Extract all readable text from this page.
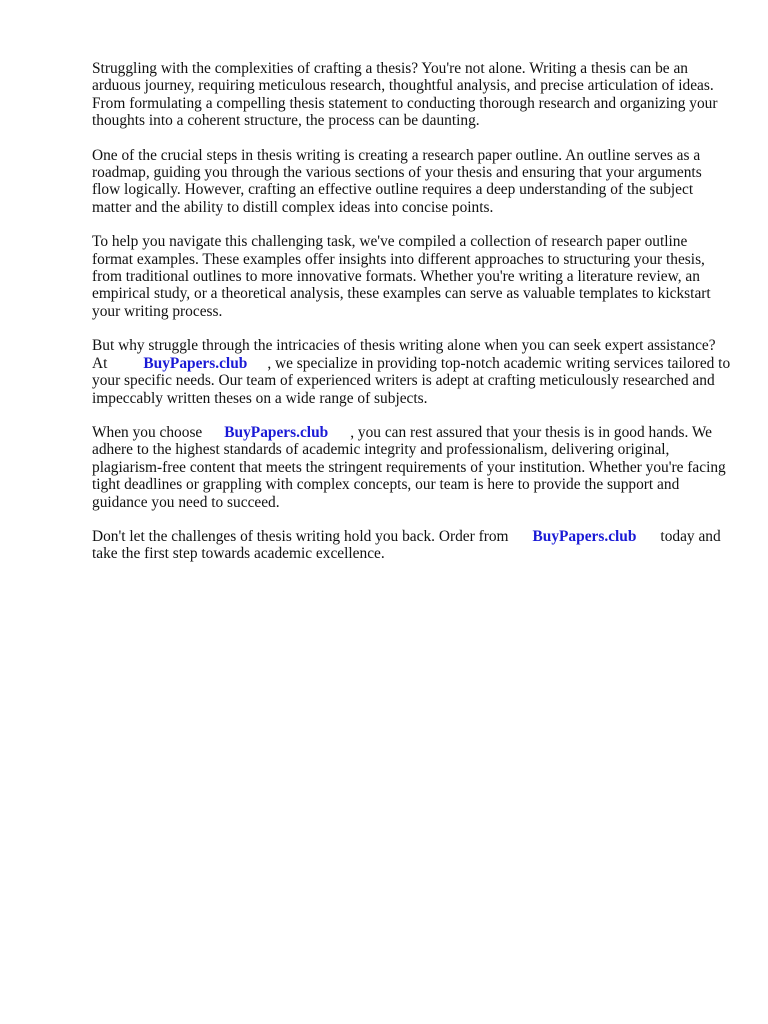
Struggling with the complexities of crafting a thesis? You're not alone. Writing a thesis can be an arduous journey, requiring meticulous research, thoughtful analysis, and precise articulation of ideas. From formulating a compelling thesis statement to conducting thorough research and organizing your thoughts into a coherent structure, the process can be daunting.

One of the crucial steps in thesis writing is creating a research paper outline. An outline serves as a roadmap, guiding you through the various sections of your thesis and ensuring that your arguments flow logically. However, crafting an effective outline requires a deep understanding of the subject matter and the ability to distill complex ideas into concise points.

To help you navigate this challenging task, we've compiled a collection of research paper outline format examples. These examples offer insights into different approaches to structuring your thesis, from traditional outlines to more innovative formats. Whether you're writing a literature review, an empirical study, or a theoretical analysis, these examples can serve as valuable templates to kickstart your writing process.

But why struggle through the intricacies of thesis writing alone when you can seek expert assistance? At BuyPapers.club , we specialize in providing top-notch academic writing services tailored to your specific needs. Our team of experienced writers is adept at crafting meticulously researched and impeccably written theses on a wide range of subjects.

When you choose BuyPapers.club , you can rest assured that your thesis is in good hands. We adhere to the highest standards of academic integrity and professionalism, delivering original, plagiarism-free content that meets the stringent requirements of your institution. Whether you're facing tight deadlines or grappling with complex concepts, our team is here to provide the support and guidance you need to succeed.

Don't let the challenges of thesis writing hold you back. Order from BuyPapers.club today and take the first step towards academic excellence.
